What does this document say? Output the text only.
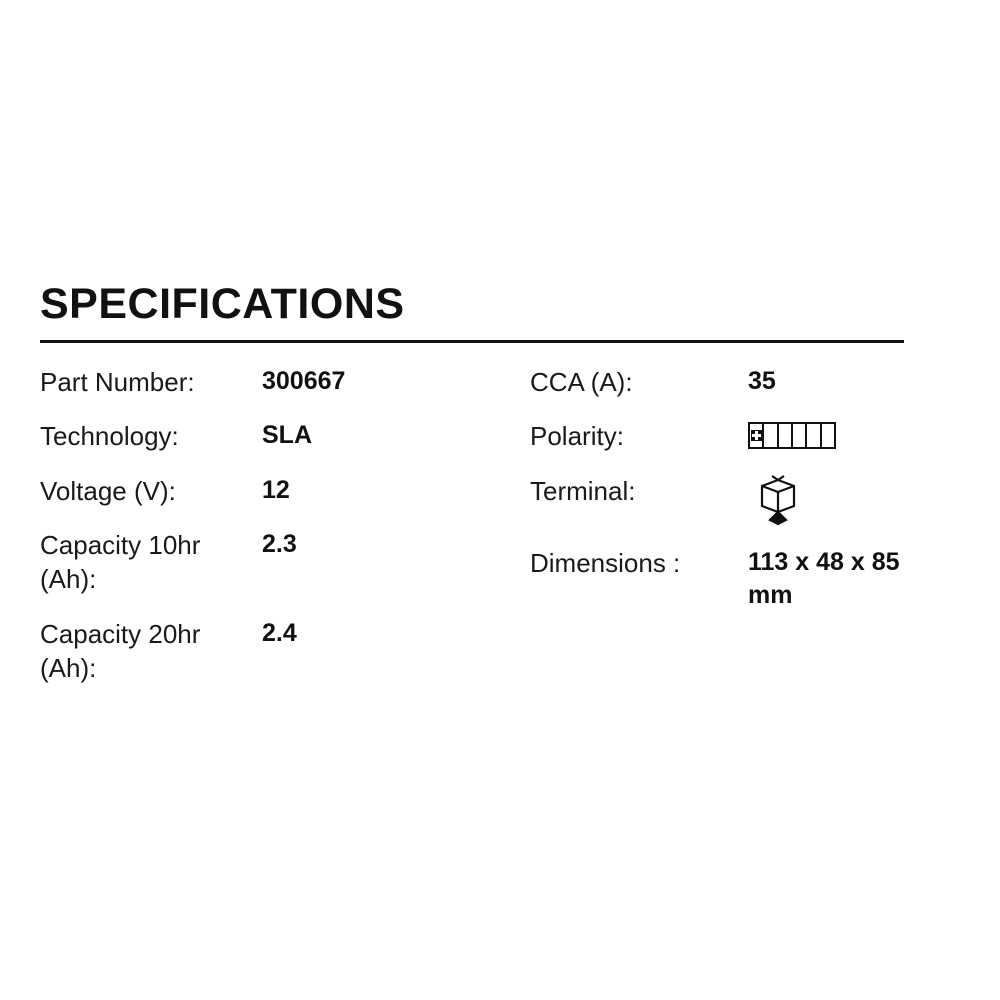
SPECIFICATIONS
Part Number:	300667
Technology:	SLA
Voltage (V):	12
Capacity 10hr (Ah):
2.3
Capacity 20hr (Ah):
2.4
CCA (A):	35
Polarity:
Terminal:
Dimensions :	113 x 48 x 85 mm
